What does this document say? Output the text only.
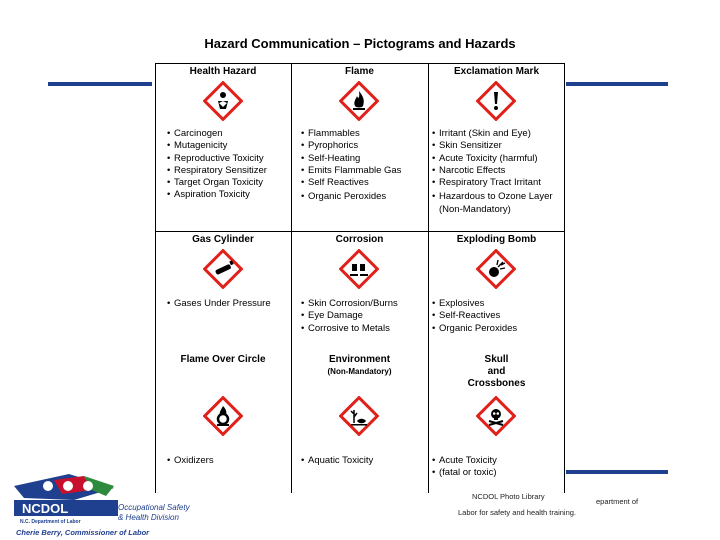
Hazard Communication – Pictograms and Hazards
Health Hazard
• Carcinogen
• Mutagenicity
• Reproductive Toxicity
• Respiratory Sensitizer
• Target Organ Toxicity
• Aspiration Toxicity
Flame
• Flammables
• Pyrophorics
• Self-Heating
• Emits Flammable Gas
• Self Reactives
• Organic Peroxides
Exclamation Mark
• Irritant (Skin and Eye)
• Skin Sensitizer
• Acute Toxicity (harmful)
• Narcotic Effects
• Respiratory Tract Irritant
• Hazardous to Ozone Layer (Non-Mandatory)
Gas Cylinder
• Gases Under Pressure
Corrosion
• Skin Corrosion/Burns
• Eye Damage
• Corrosive to Metals
Exploding Bomb
• Explosives
• Self-Reactives
• Organic Peroxides
Flame Over Circle
• Oxidizers
Environment
(Non-Mandatory)
• Aquatic Toxicity
Skull
and
Crossbones
• Acute Toxicity
• (fatal or toxic)
NCDOL
N.C. Department of Labor
Occupational Safety
& Health Division
Cherie Berry, Commissioner of Labor
NCDOL Photo Library
epartment of
Labor for safety and health training.
